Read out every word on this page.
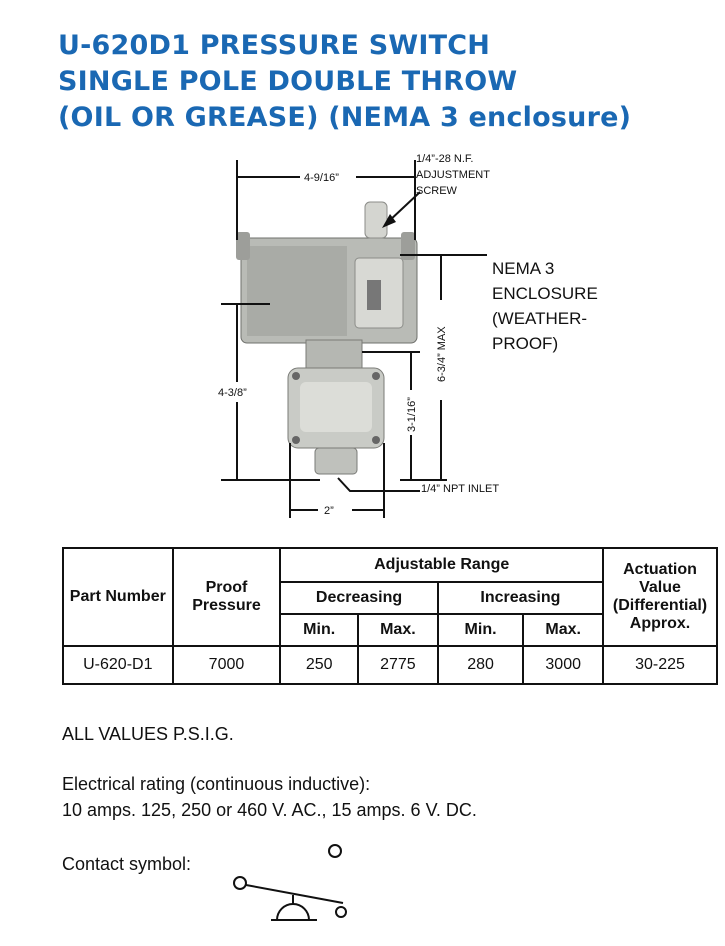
U-620D1 PRESSURE SWITCH
SINGLE POLE DOUBLE THROW
(OIL OR GREASE) (NEMA 3 enclosure)
4-9/16”
1/4”-28 N.F.
ADJUSTMENT
SCREW
4-3/8”
1/4” NPT INLET
2”
3-1/16”
6-3/4” MAX
NEMA 3
ENCLOSURE
(WEATHER-
PROOF)
Part Number	Proof Pressure	Adjustable Range				Actuation
Value
(Differential)
Approx.

		Decreasing		Increasing		
		Min.	Max.	Min.	Max.	
U-620-D1	7000	250	2775	280	3000	30-225
ALL VALUES P.S.I.G.
Electrical rating (continuous inductive):
10 amps. 125, 250 or 460 V. AC., 15 amps. 6 V. DC.
Contact symbol:
